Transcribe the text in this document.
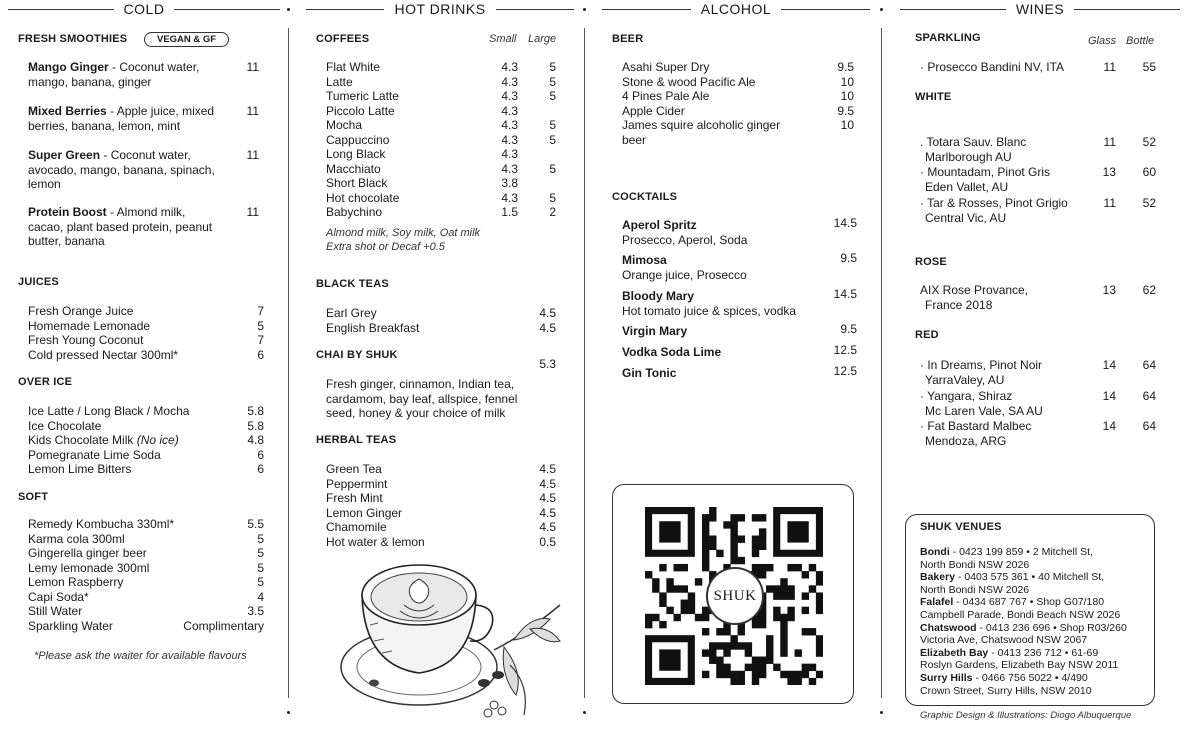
COLD
FRESH SMOOTHIES	VEGAN & GF
Mango Ginger - Coconut water, mango, banana, ginger
11
Mixed Berries - Apple juice, mixed berries, banana, lemon, mint
11
Super Green - Coconut water, avocado, mango, banana, spinach, lemon
11
Protein Boost - Almond milk, cacao, plant based protein, peanut butter, banana
11
JUICES
Fresh Orange Juice	7
Homemade Lemonade	5
Fresh Young Coconut	7
Cold pressed Nectar 300ml*	6
OVER ICE
Ice Latte / Long Black / Mocha	5.8
Ice Chocolate	5.8
Kids Chocolate Milk (No ice)	4.8
Pomegranate Lime Soda	6
Lemon Lime Bitters	6
SOFT
Remedy Kombucha 330ml*	5.5
Karma cola 300ml	5
Gingerella ginger beer	5
Lemy lemonade 300ml	5
Lemon Raspberry	5
Capi Soda*	4
Still Water	3.5
Sparkling Water	Complimentary
*Please ask the waiter for available flavours
HOT DRINKS
COFFEES	Small Large
Flat White	4.3	5
Latte	4.3	5
Tumeric Latte	4.3	5
Piccolo Latte	4.3
Mocha	4.3	5
Cappuccino	4.3	5
Long Black	4.3
Macchiato	4.3	5
Short Black	3.8
Hot chocolate	4.3	5
Babychino	1.5	2
Almond milk, Soy milk, Oat milk
Extra shot or Decaf +0.5
BLACK TEAS
Earl Grey	4.5
English Breakfast	4.5
CHAI BY SHUK
5.3
Fresh ginger, cinnamon, Indian tea, cardamom, bay leaf, allspice, fennel seed, honey & your choice of milk
HERBAL TEAS
Green Tea	4.5
Peppermint	4.5
Fresh Mint	4.5
Lemon Ginger	4.5
Chamomile	4.5
Hot water & lemon	0.5
ALCOHOL
BEER
Asahi Super Dry	9.5
Stone & wood Pacific Ale	10
4 Pines Pale Ale	10
Apple Cider	9.5
James squire alcoholic ginger beer
10
COCKTAILS
Aperol Spritz
Prosecco, Aperol, Soda
14.5
Mimosa
Orange juice, Prosecco
9.5
Bloody Mary
Hot tomato juice & spices, vodka
14.5
Virgin Mary	9.5
Vodka Soda Lime	12.5
Gin Tonic	12.5
SHUK
WINES
SPARKLING	Glass Bottle
· Prosecco Bandini NV, ITA	11	55
WHITE
. Totara Sauv. Blanc
Marlborough AU
11	52
· Mountadam, Pinot Gris
Eden Vallet, AU
13	60
· Tar & Rosses, Pinot Grigio
Central Vic, AU
11	52
ROSE
AIX Rose Provance,
France 2018
13	62
RED
· In Dreams, Pinot Noir
YarraValey, AU
14	64
· Yangara, Shiraz
Mc Laren Vale, SA AU
14	64
· Fat Bastard Malbec
Mendoza, ARG
14	64
SHUK VENUES
Bondi - 0423 199 859 • 2 Mitchell St,
North Bondi NSW 2026
Bakery - 0403 575 361 • 40 Mitchell St,
North Bondi NSW 2026
Falafel - 0434 687 767 • Shop G07/180
Campbell Parade, Bondi Beach NSW 2026
Chatswood - 0413 236 696 • Shop R03/260
Victoria Ave, Chatswood NSW 2067
Elizabeth Bay - 0413 236 712 • 61-69
Roslyn Gardens, Elizabeth Bay NSW 2011
Surry Hills - 0466 756 5022 • 4/490
Crown Street, Surry Hills, NSW 2010
Graphic Design & Illustrations: Diogo Albuquerque
